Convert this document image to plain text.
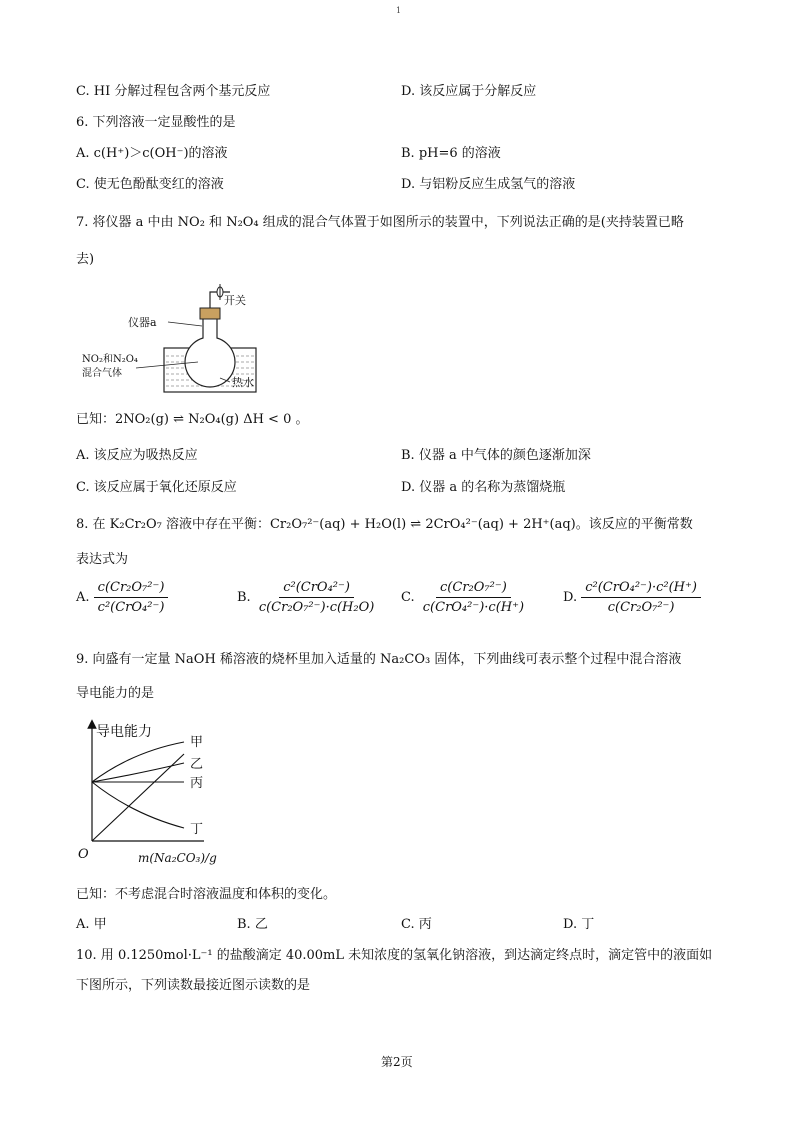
1
C. HI 分解过程包含两个基元反应	D. 该反应属于分解反应
6. 下列溶液一定显酸性的是
A. c(H⁺)＞c(OH⁻)的溶液	B. pH=6 的溶液
C. 使无色酚酞变红的溶液	D. 与铝粉反应生成氢气的溶液
7. 将仪器 a 中由 NO₂ 和 N₂O₄ 组成的混合气体置于如图所示的装置中，下列说法正确的是(夹持装置已略
去)
开关
仪器a
NO₂和N₂O₄
混合气体
热水
已知：2NO₂(g) ⇌ N₂O₄(g) ΔH < 0 。
A. 该反应为吸热反应	B. 仪器 a 中气体的颜色逐渐加深
C. 该反应属于氧化还原反应	D. 仪器 a 的名称为蒸馏烧瓶
8. 在 K₂Cr₂O₇ 溶液中存在平衡：Cr₂O₇²⁻(aq) + H₂O(l) ⇌ 2CrO₄²⁻(aq) + 2H⁺(aq)。该反应的平衡常数
表达式为
A. $\frac{\text{c(Cr₂O₇²⁻)}}{\text{c²(CrO₄²⁻)}}$	B. $\frac{\text{c²(CrO₄²⁻)}}{\text{c(Cr₂O₇²⁻)·c(H₂O)}} C$. $\frac{\text{c(Cr₂O₇²⁻)}}{\text{c(CrO₄²⁻)·c(H⁺)}}$	D. $\frac{\text{c²(CrO₄²⁻)·c²(H⁺)}}{\text{c(Cr₂O₇²⁻)}}$
9. 向盛有一定量 NaOH 稀溶液的烧杯里加入适量的 Na₂CO₃ 固体，下列曲线可表示整个过程中混合溶液
导电能力的是
导电能力
O	m(Na₂CO₃)/g
甲
乙
丙
丁
已知：不考虑混合时溶液温度和体积的变化。
A. 甲	B. 乙	C. 丙	D. 丁
10. 用 0.1250mol·L⁻¹ 的盐酸滴定 40.00mL 未知浓度的氢氧化钠溶液，到达滴定终点时，滴定管中的液面如
下图所示，下列读数最接近图示读数的是
第2页
